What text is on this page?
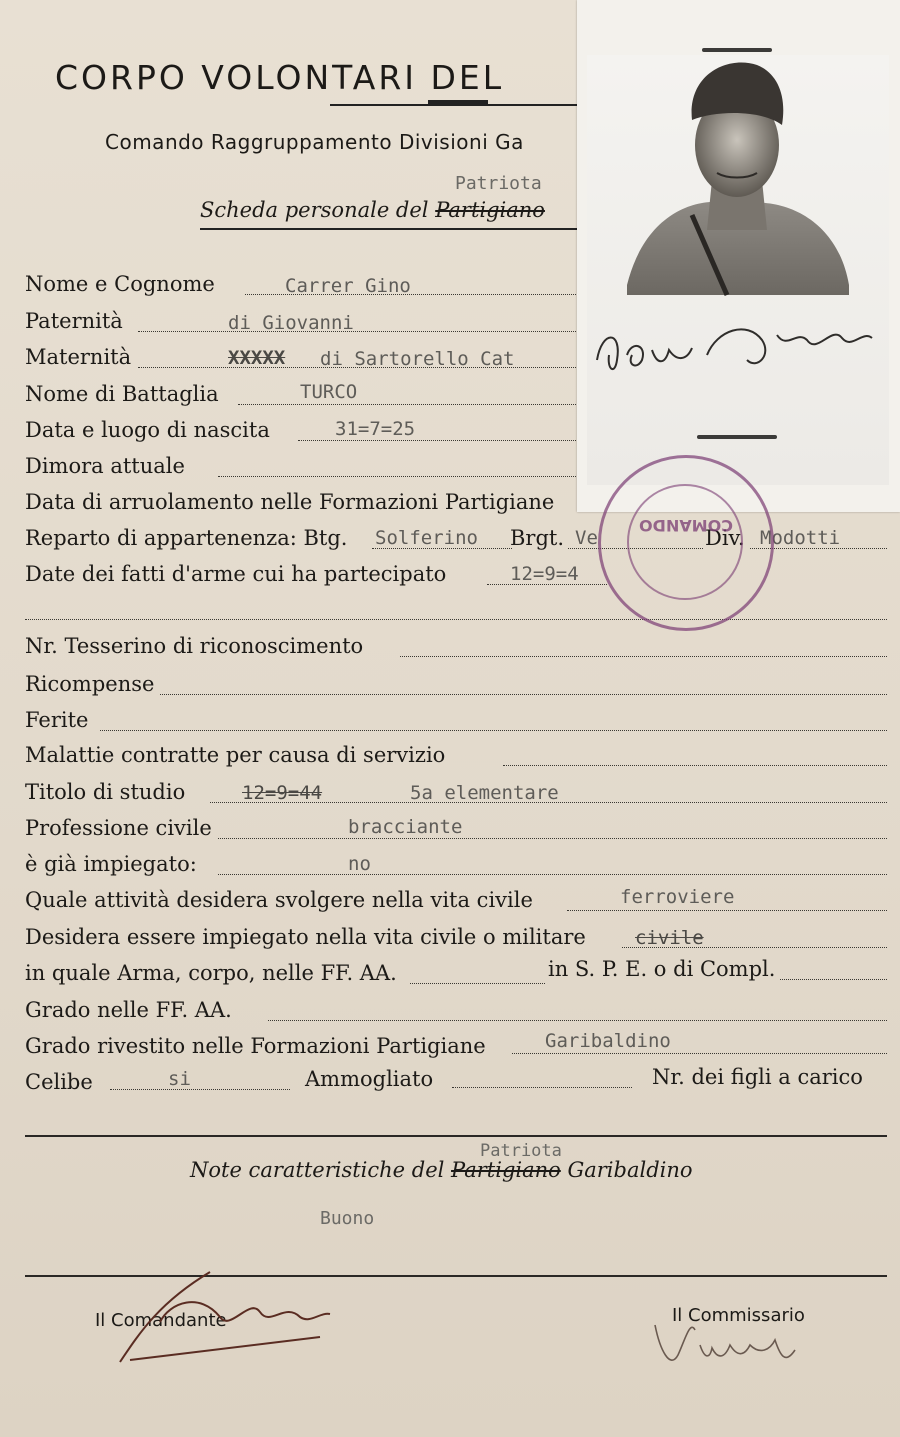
CORPO VOLONTARI DEL
Comando Raggruppamento Divisioni Ga
Patriota
Scheda personale del Partigiano
Nome e Cognome	Carrer Gino
Paternità	di Giovanni
Maternità	XXXXX di Sartorello Cat
Nome di Battaglia	TURCO
Data e luogo di nascita	31=7=25
Dimora attuale
Data di arruolamento nelle Formazioni Partigiane
Reparto di appartenenza: Btg. Solferino Brgt. Ve	Div. Modotti
Date dei fatti d'arme cui ha partecipato	12=9=4
Nr. Tesserino di riconoscimento
Ricompense
Ferite
Malattie contratte per causa di servizio
Titolo di studio	12=9=44	5a elementare
Professione civile	bracciante
è già impiegato:	no
Quale attività desidera svolgere nella vita civile	ferroviere
Desidera essere impiegato nella vita civile o militare	civile
in quale Arma, corpo, nelle FF. AA.	in S. P. E. o di Compl.
Grado nelle FF. AA.
Grado rivestito nelle Formazioni Partigiane	Garibaldino
Celibe	si	Ammogliato	Nr. dei figli a carico
Patriota
Note caratteristiche del Partigiano Garibaldino
Buono
Il Comandante	Il Commissario
COMANDO
